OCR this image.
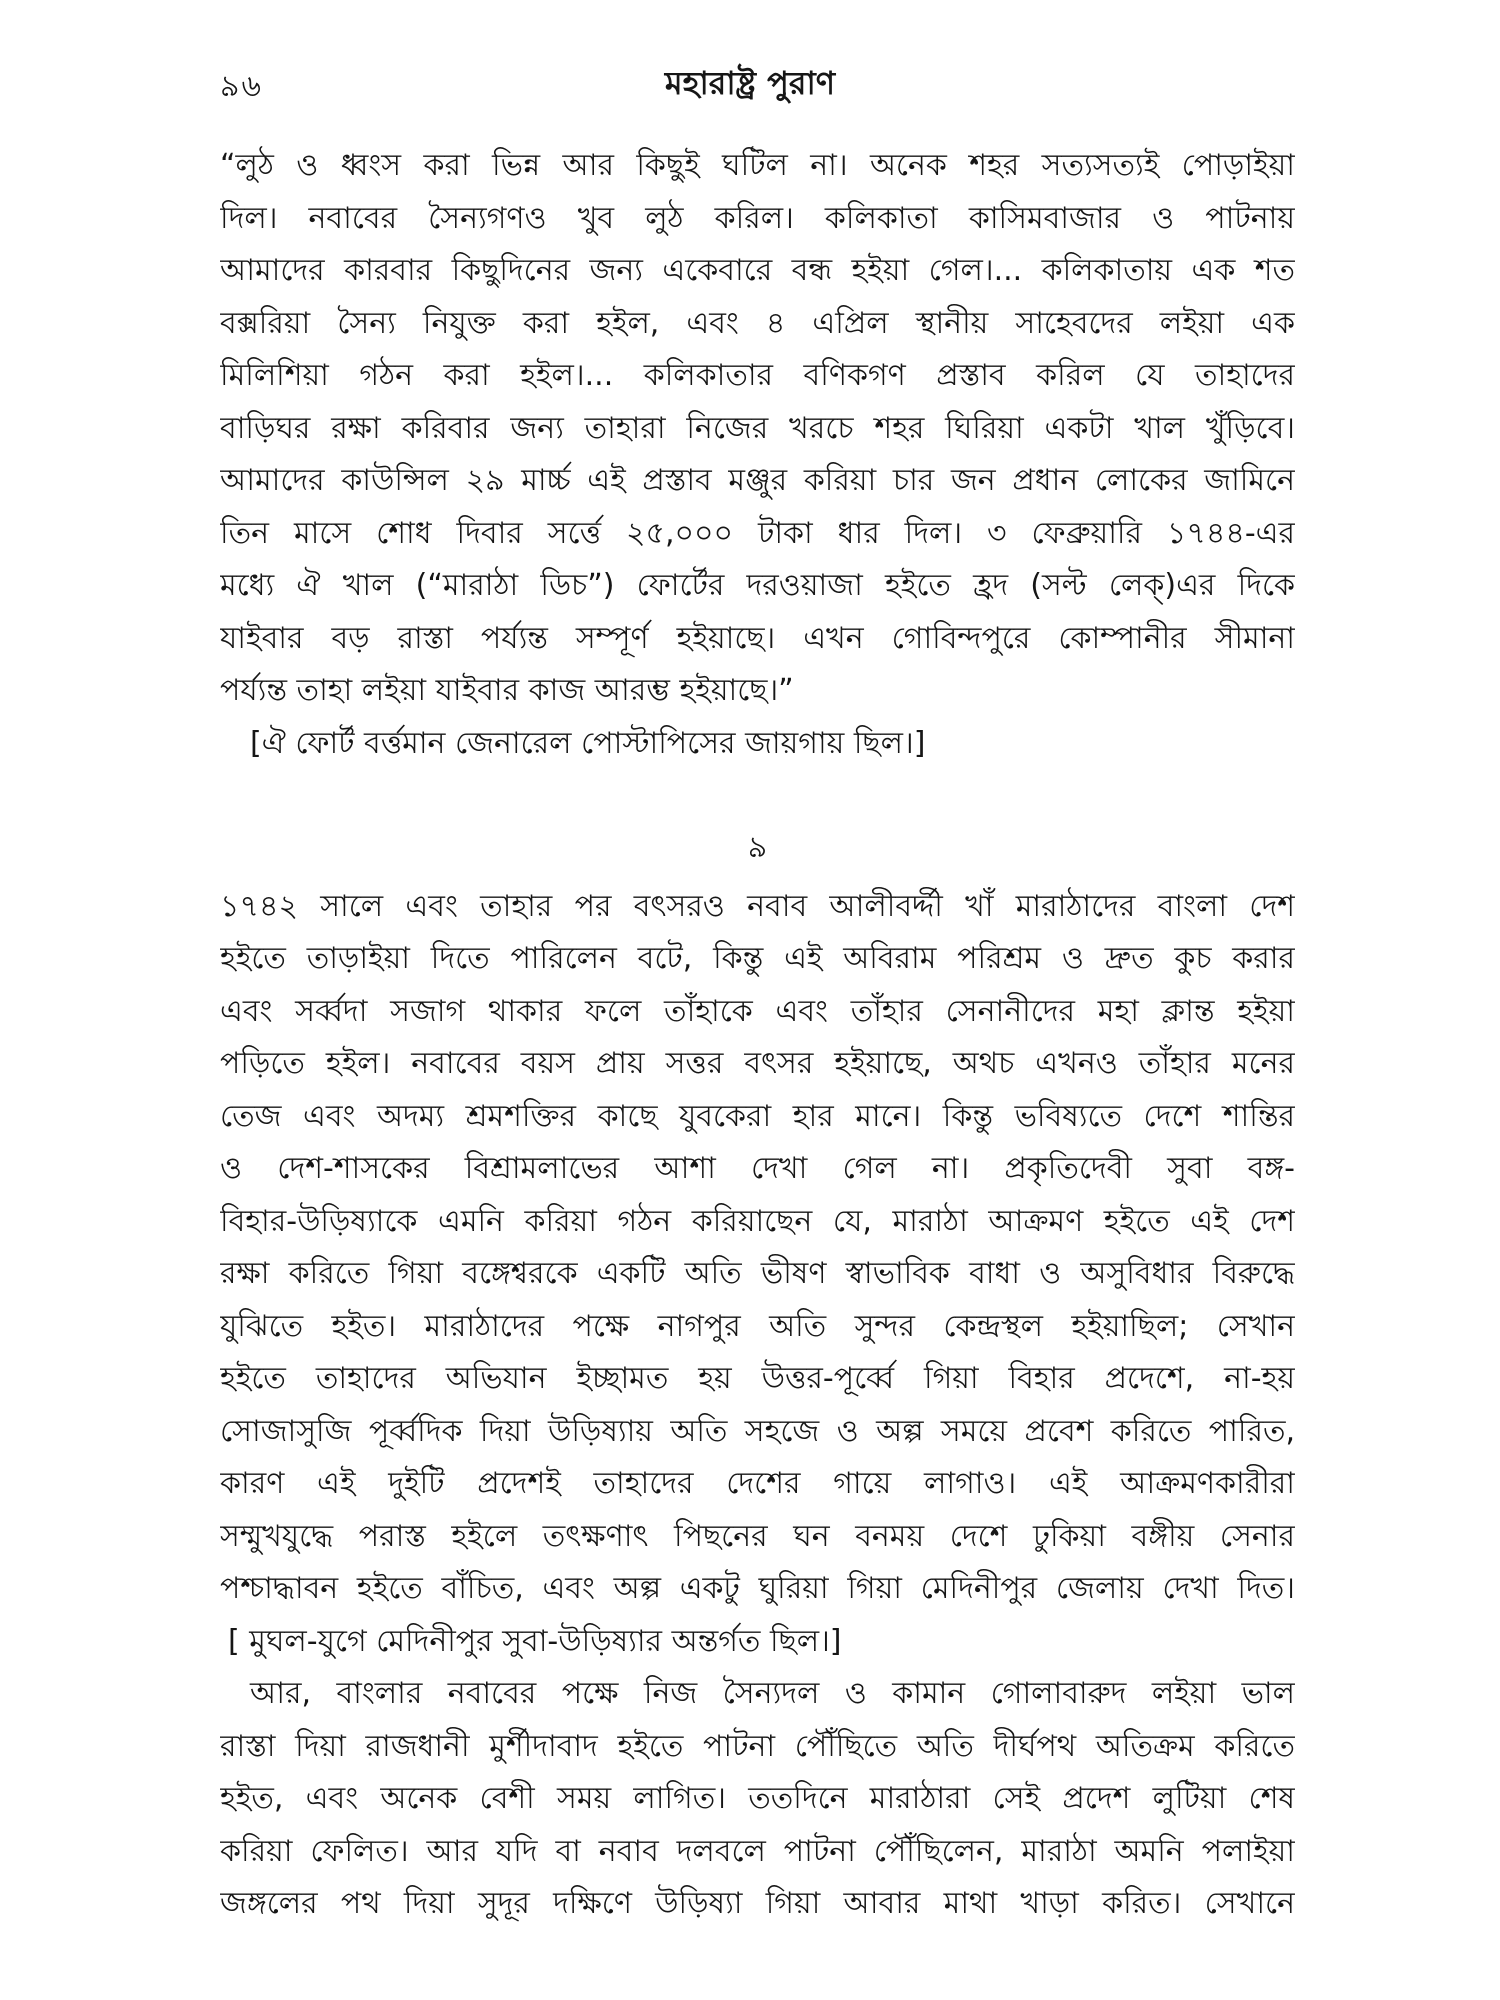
৯৬	মহারাষ্ট্র পুরাণ
“লুঠ ও ধ্বংস করা ভিন্ন আর কিছুই ঘটিল না। অনেক শহর সত্যসত্যই পোড়াইয়া
দিল। নবাবের সৈন্যগণও খুব লুঠ করিল। কলিকাতা কাসিমবাজার ও পাটনায়
আমাদের কারবার কিছুদিনের জন্য একেবারে বন্ধ হইয়া গেল।... কলিকাতায় এক শত
বক্সরিয়া সৈন্য নিযুক্ত করা হইল, এবং ৪ এপ্রিল স্থানীয় সাহেবদের লইয়া এক
মিলিশিয়া গঠন করা হইল।... কলিকাতার বণিকগণ প্রস্তাব করিল যে তাহাদের
বাড়িঘর রক্ষা করিবার জন্য তাহারা নিজের খরচে শহর ঘিরিয়া একটা খাল খুঁড়িবে।
আমাদের কাউন্সিল ২৯ মার্চ্চ এই প্রস্তাব মঞ্জুর করিয়া চার জন প্রধান লোকের জামিনে
তিন মাসে শোধ দিবার সর্ত্তে ২৫,০০০ টাকা ধার দিল। ৩ ফেব্রুয়ারি ১৭৪৪-এর
মধ্যে ঐ খাল (“মারাঠা ডিচ”) ফোর্টের দরওয়াজা হইতে হ্রদ (সল্ট লেক্)এর দিকে
যাইবার বড় রাস্তা পর্য্যন্ত সম্পূর্ণ হইয়াছে। এখন গোবিন্দপুরে কোম্পানীর সীমানা
পর্য্যন্ত তাহা লইয়া যাইবার কাজ আরম্ভ হইয়াছে।”
[ঐ ফোর্ট বর্ত্তমান জেনারেল পোস্টাপিসের জায়গায় ছিল।]
৯
১৭৪২ সালে এবং তাহার পর বৎসরও নবাব আলীবর্দ্দী খাঁ মারাঠাদের বাংলা দেশ
হইতে তাড়াইয়া দিতে পারিলেন বটে, কিন্তু এই অবিরাম পরিশ্রম ও দ্রুত কুচ করার
এবং সর্ব্বদা সজাগ থাকার ফলে তাঁহাকে এবং তাঁহার সেনানীদের মহা ক্লান্ত হইয়া
পড়িতে হইল। নবাবের বয়স প্রায় সত্তর বৎসর হইয়াছে, অথচ এখনও তাঁহার মনের
তেজ এবং অদম্য শ্রমশক্তির কাছে যুবকেরা হার মানে। কিন্তু ভবিষ্যতে দেশে শান্তির
ও দেশ-শাসকের বিশ্রামলাভের আশা দেখা গেল না। প্রকৃতিদেবী সুবা বঙ্গ-
বিহার-উড়িষ্যাকে এমনি করিয়া গঠন করিয়াছেন যে, মারাঠা আক্রমণ হইতে এই দেশ
রক্ষা করিতে গিয়া বঙ্গেশ্বরকে একটি অতি ভীষণ স্বাভাবিক বাধা ও অসুবিধার বিরুদ্ধে
যুঝিতে হইত। মারাঠাদের পক্ষে নাগপুর অতি সুন্দর কেন্দ্রস্থল হইয়াছিল; সেখান
হইতে তাহাদের অভিযান ইচ্ছামত হয় উত্তর-পূর্ব্বে গিয়া বিহার প্রদেশে, না-হয়
সোজাসুজি পূর্ব্বদিক দিয়া উড়িষ্যায় অতি সহজে ও অল্প সময়ে প্রবেশ করিতে পারিত,
কারণ এই দুইটি প্রদেশই তাহাদের দেশের গায়ে লাগাও। এই আক্রমণকারীরা
সম্মুখযুদ্ধে পরাস্ত হইলে তৎক্ষণাৎ পিছনের ঘন বনময় দেশে ঢুকিয়া বঙ্গীয় সেনার
পশ্চাদ্ধাবন হইতে বাঁচিত, এবং অল্প একটু ঘুরিয়া গিয়া মেদিনীপুর জেলায় দেখা দিত।
[ মুঘল-যুগে মেদিনীপুর সুবা-উড়িষ্যার অন্তর্গত ছিল।]
আর, বাংলার নবাবের পক্ষে নিজ সৈন্যদল ও কামান গোলাবারুদ লইয়া ভাল
রাস্তা দিয়া রাজধানী মুর্শীদাবাদ হইতে পাটনা পৌঁছিতে অতি দীর্ঘপথ অতিক্রম করিতে
হইত, এবং অনেক বেশী সময় লাগিত। ততদিনে মারাঠারা সেই প্রদেশ লুটিয়া শেষ
করিয়া ফেলিত। আর যদি বা নবাব দলবলে পাটনা পৌঁছিলেন, মারাঠা অমনি পলাইয়া
জঙ্গলের পথ দিয়া সুদূর দক্ষিণে উড়িষ্যা গিয়া আবার মাথা খাড়া করিত। সেখানে
